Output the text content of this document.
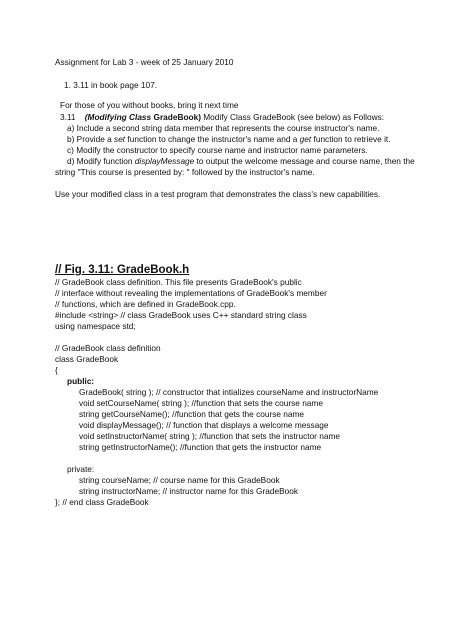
Assignment for Lab 3 - week of 25 January 2010
1. 3.11 in book page 107.
For those of you without books, bring it next time
3.11 (Modifying Class GradeBook) Modify Class GradeBook (see below) as Follows:
a) Include a second string data member that represents the course instructor's name.
b) Provide a set function to change the instructor's name and a get function to retrieve it.
c) Modify the constructor to specify course name and instructor name parameters.
d) Modify function displayMessage to output the welcome message and course name, then the
string "This course is presented by: " followed by the instructor's name.
Use your modified class in a test program that demonstrates the class's new capabilities.
// Fig. 3.11: GradeBook.h
// GradeBook class definition. This file presents GradeBook's public
// interface without revealing the implementations of GradeBook's member
// functions, which are defined in GradeBook.cpp.
#include <string> // class GradeBook uses C++ standard string class
using namespace std;
// GradeBook class definition
class GradeBook
{
public:
GradeBook( string ); // constructor that intializes courseName and instructorName
void setCourseName( string ); //function that sets the course name
string getCourseName(); //function that gets the course name
void displayMessage(); // function that displays a welcome message
void setInstructorName( string ); //function that sets the instructor name
string getInstructorName(); //function that gets the instructor name
private:
string courseName; // course name for this GradeBook
string instructorName; // instructor name for this GradeBook
}; // end class GradeBook
